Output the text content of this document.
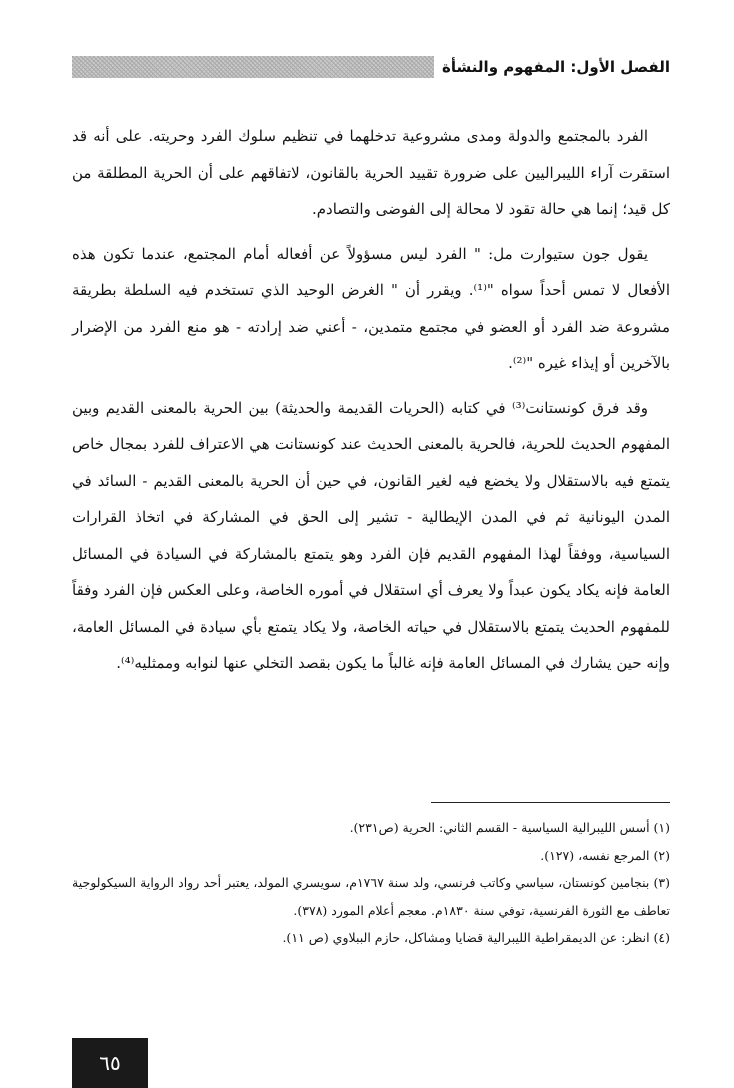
الفصل الأول: المفهوم والنشأة

الفرد بالمجتمع والدولة ومدى مشروعية تدخلهما في تنظيم سلوك الفرد وحريته. على أنه قد استقرت آراء الليبراليين على ضرورة تقييد الحرية بالقانون، لاتفاقهم على أن الحرية المطلقة من كل قيد؛ إنما هي حالة تقود لا محالة إلى الفوضى والتصادم.

يقول جون ستيوارت مل: " الفرد ليس مسؤولاً عن أفعاله أمام المجتمع، عندما تكون هذه الأفعال لا تمس أحداً سواه "⁽¹⁾. ويقرر أن " الغرض الوحيد الذي تستخدم فيه السلطة بطريقة مشروعة ضد الفرد أو العضو في مجتمع متمدين، - أعني ضد إرادته - هو منع الفرد من الإضرار بالآخرين أو إيذاء غيره "⁽²⁾.

وقد فرق كونستانت⁽³⁾ في كتابه (الحريات القديمة والحديثة) بين الحرية بالمعنى القديم وبين المفهوم الحديث للحرية، فالحرية بالمعنى الحديث عند كونستانت هي الاعتراف للفرد بمجال خاص يتمتع فيه بالاستقلال ولا يخضع فيه لغير القانون، في حين أن الحرية بالمعنى القديم - السائد في المدن اليونانية ثم في المدن الإيطالية - تشير إلى الحق في المشاركة في اتخاذ القرارات السياسية، ووفقاً لهذا المفهوم القديم فإن الفرد وهو يتمتع بالمشاركة في السيادة في المسائل العامة فإنه يكاد يكون عبداً ولا يعرف أي استقلال في أموره الخاصة، وعلى العكس فإن الفرد وفقاً للمفهوم الحديث يتمتع بالاستقلال في حياته الخاصة، ولا يكاد يتمتع بأي سيادة في المسائل العامة، وإنه حين يشارك في المسائل العامة فإنه غالباً ما يكون بقصد التخلي عنها لنوابه وممثليه⁽⁴⁾.

(١) أسس الليبرالية السياسية - القسم الثاني: الحرية (ص٢٣١).

(٢) المرجع نفسه، (١٢٧).

(٣) بنجامين كونستان، سياسي وكاتب فرنسي، ولد سنة ١٧٦٧م، سويسري المولد، يعتبر أحد رواد الرواية السيكولوجية تعاطف مع الثورة الفرنسية، توفي سنة ١٨٣٠م. معجم أعلام المورد (٣٧٨).

(٤) انظر: عن الديمقراطية الليبرالية قضايا ومشاكل، حازم الببلاوي (ص ١١).

٦٥
